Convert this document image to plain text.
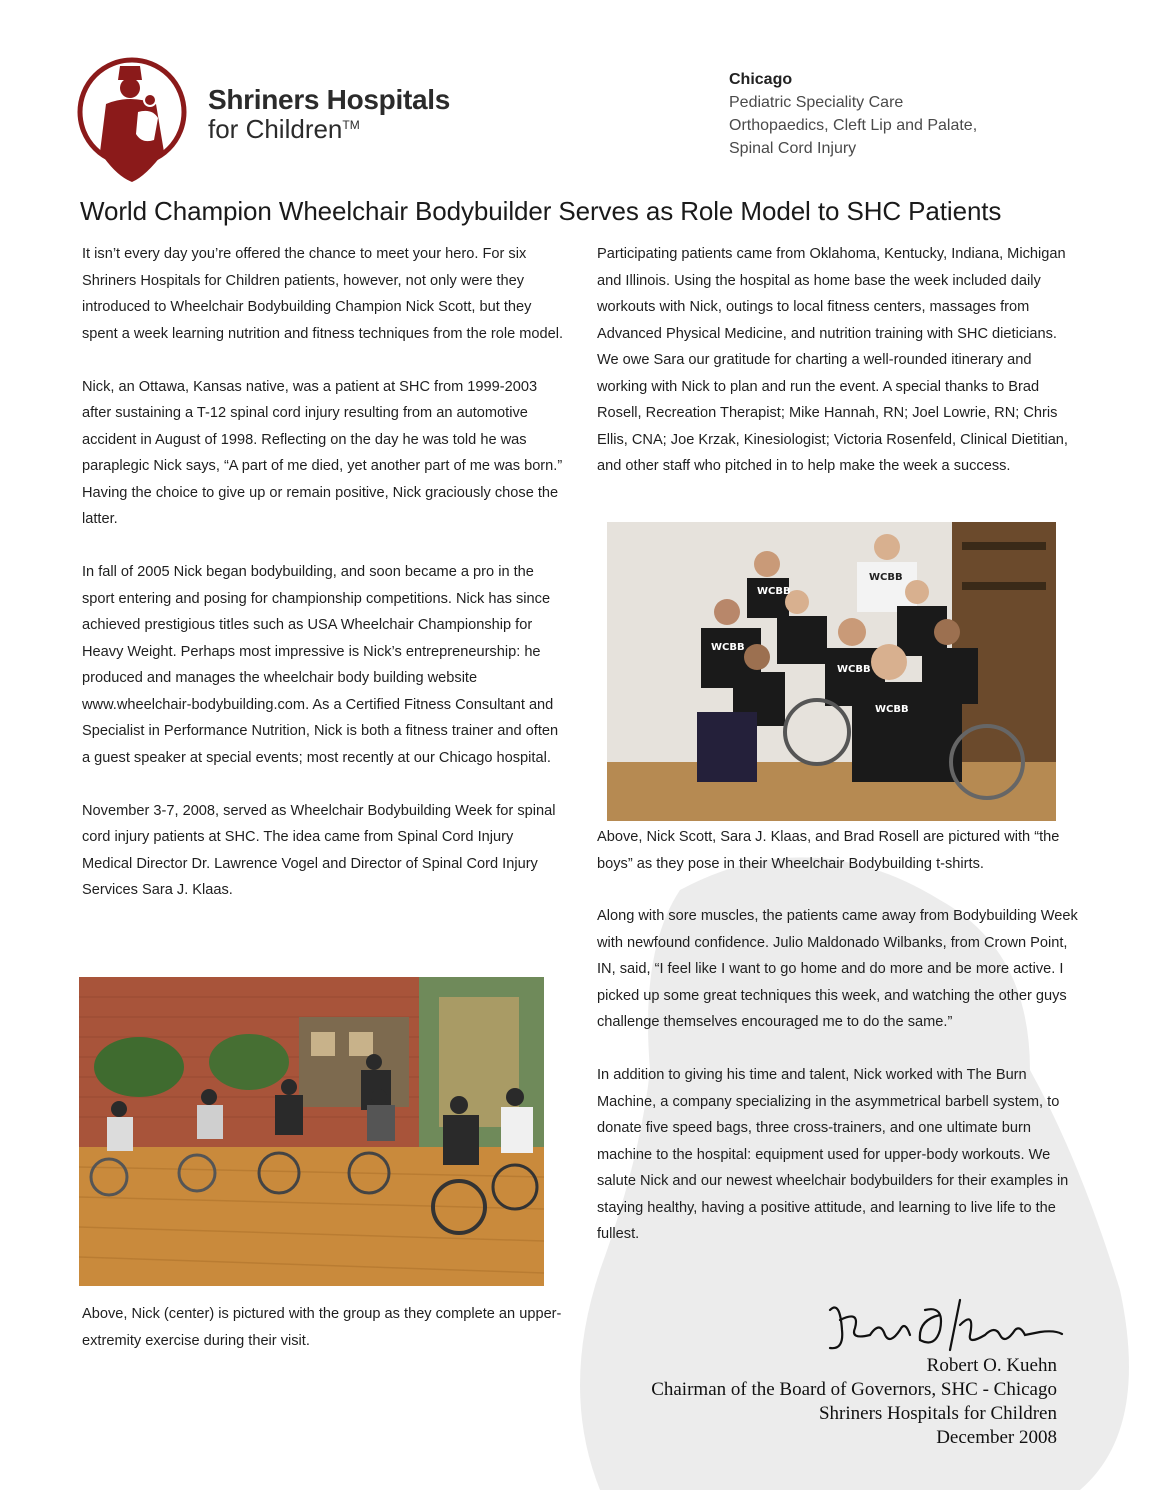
Shriners Hospitals
for Children™
Chicago
Pediatric Speciality Care
Orthopaedics, Cleft Lip and Palate,
Spinal Cord Injury
World Champion Wheelchair Bodybuilder Serves as Role Model to SHC Patients

It isn’t every day you’re offered the chance to meet your hero. For six Shriners Hospitals for Children patients, however, not only were they introduced to Wheelchair Bodybuilding Champion Nick Scott, but they spent a week learning nutrition and fitness techniques from the role model.

Nick, an Ottawa, Kansas native, was a patient at SHC from 1999-2003 after sustaining a T-12 spinal cord injury resulting from an automotive accident in August of 1998. Reflecting on the day he was told he was paraplegic Nick says, “A part of me died, yet another part of me was born.” Having the choice to give up or remain positive, Nick graciously chose the latter.

In fall of 2005 Nick began bodybuilding, and soon became a pro in the sport entering and posing for championship competitions. Nick has since achieved prestigious titles such as USA Wheelchair Championship for Heavy Weight. Perhaps most impressive is Nick’s entrepreneurship: he produced and manages the wheelchair body building website www.wheelchair-bodybuilding.com. As a Certified Fitness Consultant and Specialist in Performance Nutrition, Nick is both a fitness trainer and often a guest speaker at special events; most recently at our Chicago hospital.

November 3-7, 2008, served as Wheelchair Bodybuilding Week for spinal cord injury patients at SHC. The idea came from Spinal Cord Injury Medical Director Dr. Lawrence Vogel and Director of Spinal Cord Injury Services Sara J. Klaas.

Above, Nick (center) is pictured with the group as they complete an upper-extremity exercise during their visit.

Participating patients came from Oklahoma, Kentucky, Indiana, Michigan and Illinois. Using the hospital as home base the week included daily workouts with Nick, outings to local fitness centers, massages from Advanced Physical Medicine, and nutrition training with SHC dieticians. We owe Sara our gratitude for charting a well-rounded itinerary and working with Nick to plan and run the event. A special thanks to Brad Rosell, Recreation Therapist; Mike Hannah, RN; Joel Lowrie, RN; Chris Ellis, CNA; Joe Krzak, Kinesiologist; Victoria Rosenfeld, Clinical Dietitian, and other staff who pitched in to help make the week a success.

WCBB
WCBB
WCBB
WCBB
WCBB
Above, Nick Scott, Sara J. Klaas, and Brad Rosell are pictured with “the boys” as they pose in their Wheelchair Bodybuilding t-shirts.

Along with sore muscles, the patients came away from Bodybuilding Week with newfound confidence. Julio Maldonado Wilbanks, from Crown Point, IN, said, “I feel like I want to go home and do more and be more active. I picked up some great techniques this week, and watching the other guys challenge themselves encouraged me to do the same.”

In addition to giving his time and talent, Nick worked with The Burn Machine, a company specializing in the asymmetrical barbell system, to donate five speed bags, three cross-trainers, and one ultimate burn machine to the hospital: equipment used for upper-body workouts. We salute Nick and our newest wheelchair bodybuilders for their examples in staying healthy, having a positive attitude, and learning to live life to the fullest.

Robert O. Kuehn
Chairman of the Board of Governors, SHC - Chicago
Shriners Hospitals for Children
December 2008
